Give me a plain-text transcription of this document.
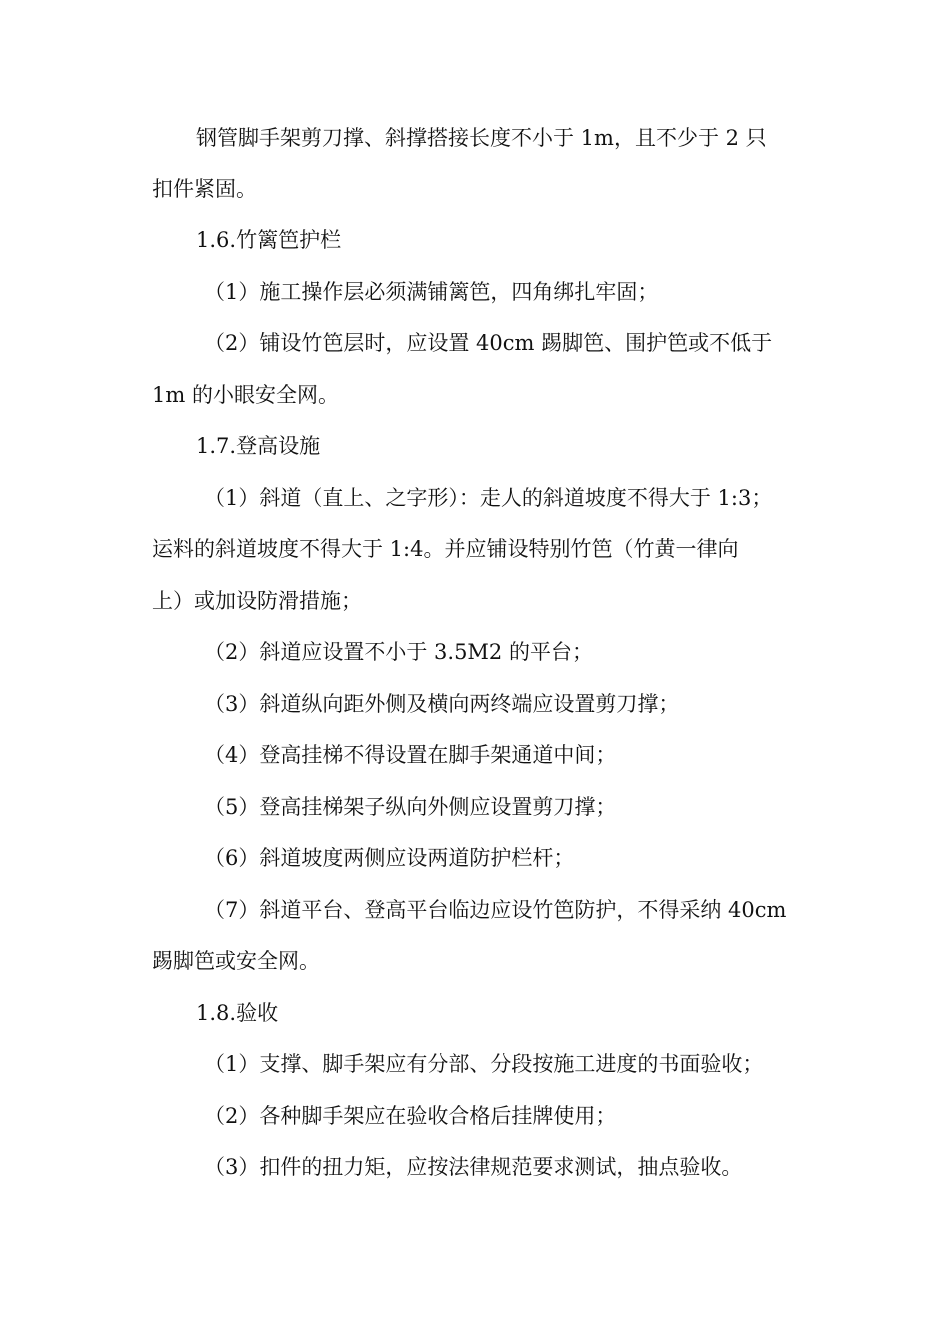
钢管脚手架剪刀撑、斜撑搭接长度不小于 1m，且不少于 2 只
扣件紧固。
1.6.竹篱笆护栏
（1）施工操作层必须满铺篱笆，四角绑扎牢固；
（2）铺设竹笆层时，应设置 40cm 踢脚笆、围护笆或不低于
1m 的小眼安全网。
1.7.登高设施
（1）斜道（直上、之字形）：走人的斜道坡度不得大于 1:3；
运料的斜道坡度不得大于 1:4。并应铺设特别竹笆（竹黄一律向
上）或加设防滑措施；
（2）斜道应设置不小于 3.5M2 的平台；
（3）斜道纵向距外侧及横向两终端应设置剪刀撑；
（4）登高挂梯不得设置在脚手架通道中间；
（5）登高挂梯架子纵向外侧应设置剪刀撑；
（6）斜道坡度两侧应设两道防护栏杆；
（7）斜道平台、登高平台临边应设竹笆防护，不得采纳 40cm
踢脚笆或安全网。
1.8.验收
（1）支撑、脚手架应有分部、分段按施工进度的书面验收；
（2）各种脚手架应在验收合格后挂牌使用；
（3）扣件的扭力矩，应按法律规范要求测试，抽点验收。
